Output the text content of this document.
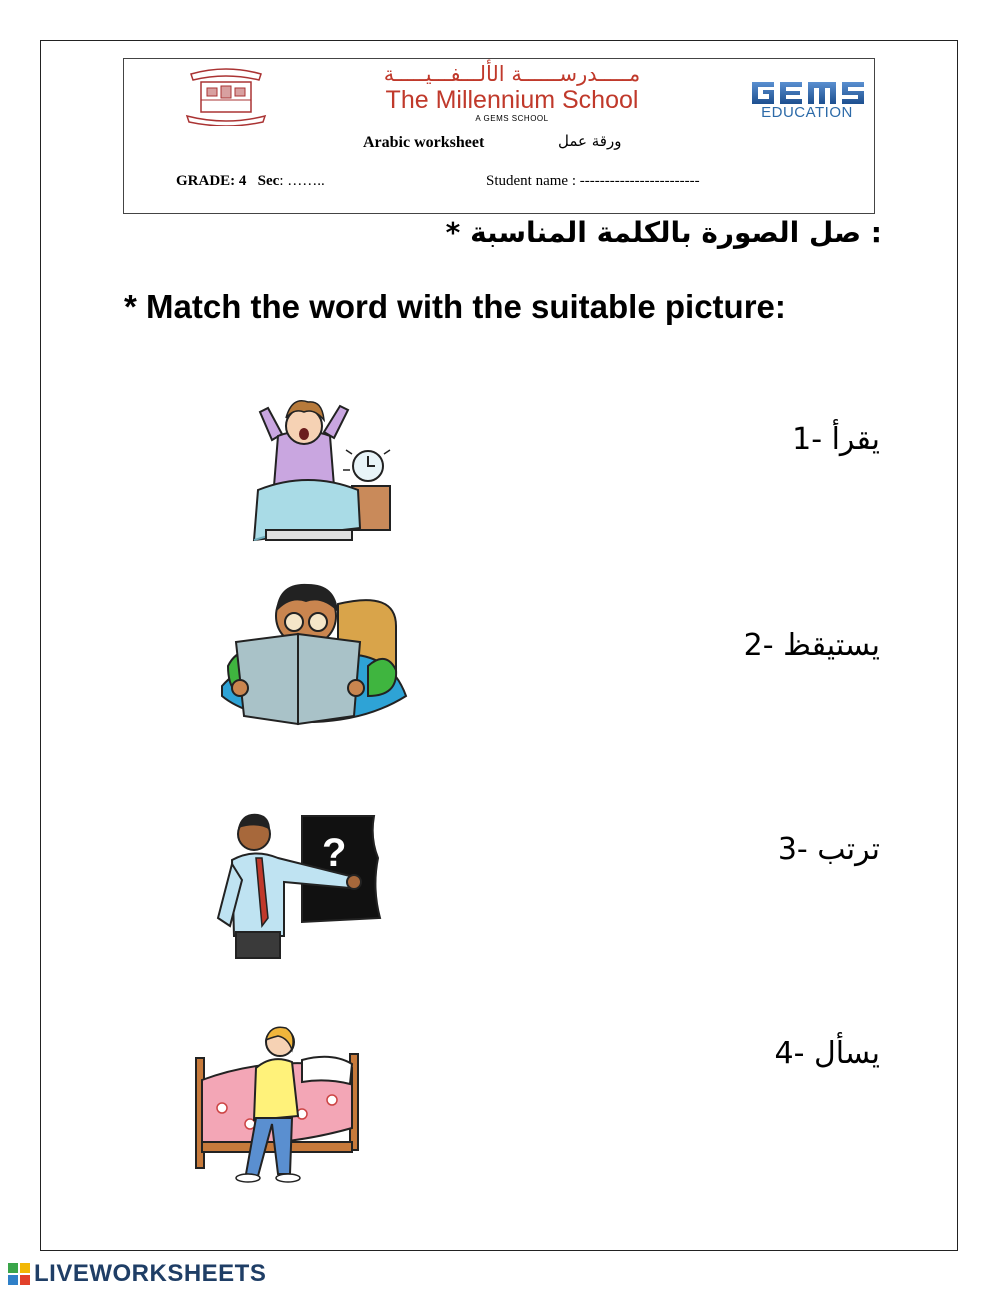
مـــــدرســــــة الألـــفـــيـــــة
The Millennium School
A GEMS SCHOOL	EDUCATION
Arabic worksheet	ورقة عمل
GRADE: 4 Sec: ……..	Student name : ------------------------
* صل الصورة بالكلمة المناسبة :
* Match the word with the suitable picture:
1- يقرأ
2- يستيقظ
3- ترتب
4- يسأل
?
LIVEWORKSHEETS
